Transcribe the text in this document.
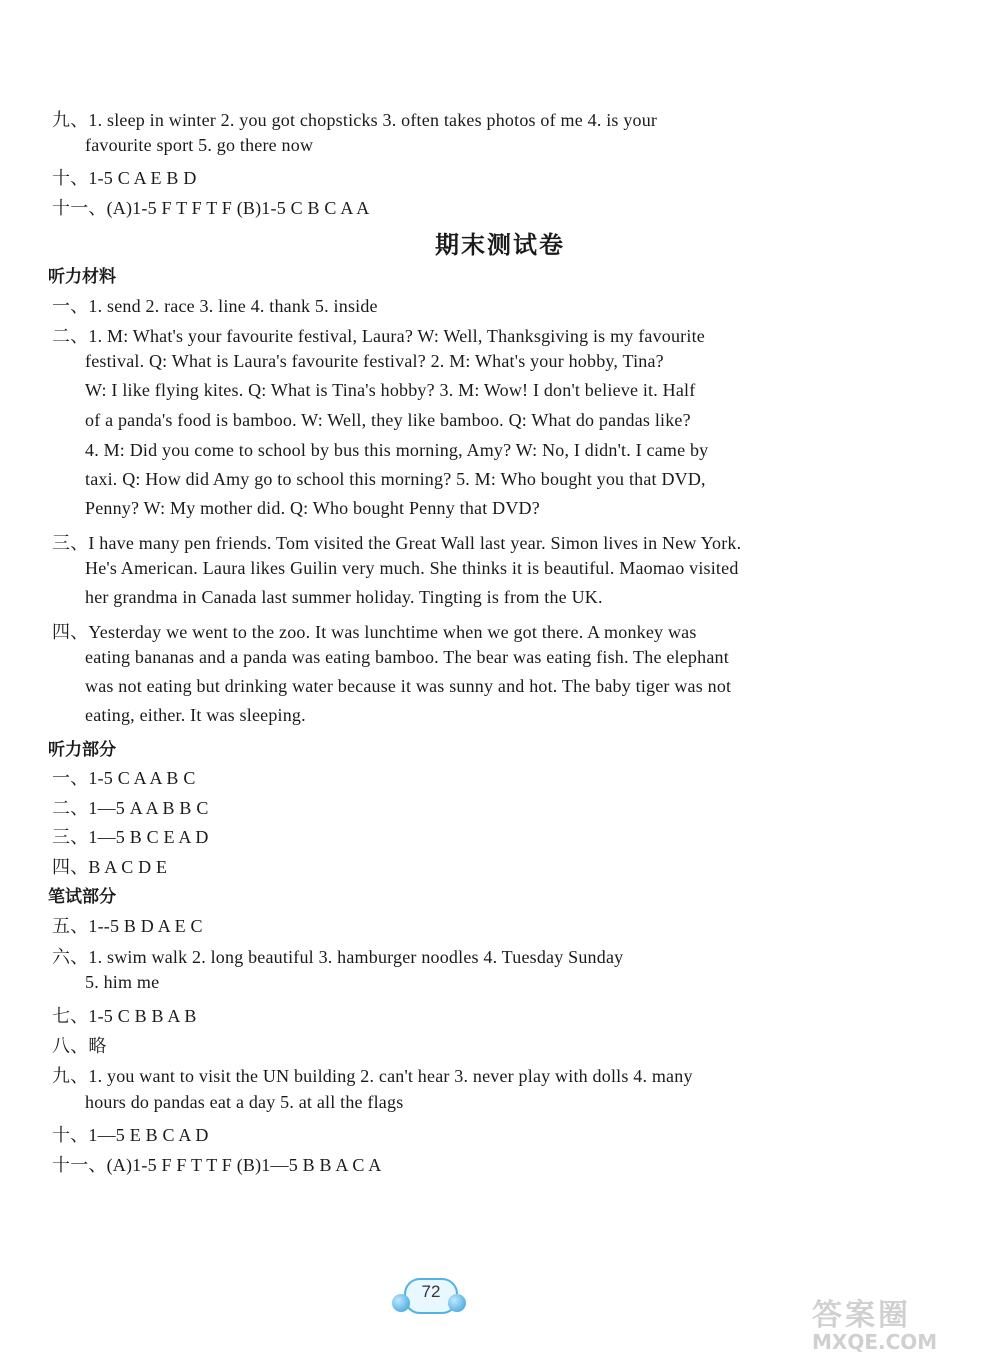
九、1. sleep in winter 2. you got chopsticks 3. often takes photos of me 4. is your
favourite sport 5. go there now
十、1-5 C A E B D
十一、(A)1-5 F T F T F (B)1-5 C B C A A
期末测试卷
听力材料
一、1. send 2. race 3. line 4. thank 5. inside
二、1. M: What's your favourite festival, Laura? W: Well, Thanksgiving is my favourite
festival. Q: What is Laura's favourite festival? 2. M: What's your hobby, Tina?
W: I like flying kites. Q: What is Tina's hobby? 3. M: Wow! I don't believe it. Half
of a panda's food is bamboo. W: Well, they like bamboo. Q: What do pandas like?
4. M: Did you come to school by bus this morning, Amy? W: No, I didn't. I came by
taxi. Q: How did Amy go to school this morning? 5. M: Who bought you that DVD,
Penny? W: My mother did. Q: Who bought Penny that DVD?
三、I have many pen friends. Tom visited the Great Wall last year. Simon lives in New York.
He's American. Laura likes Guilin very much. She thinks it is beautiful. Maomao visited
her grandma in Canada last summer holiday. Tingting is from the UK.
四、Yesterday we went to the zoo. It was lunchtime when we got there. A monkey was
eating bananas and a panda was eating bamboo. The bear was eating fish. The elephant
was not eating but drinking water because it was sunny and hot. The baby tiger was not
eating, either. It was sleeping.
听力部分
一、1-5 C A A B C
二、1—5 A A B B C
三、1—5 B C E A D
四、B A C D E
笔试部分
五、1--5 B D A E C
六、1. swim walk 2. long beautiful 3. hamburger noodles 4. Tuesday Sunday
5. him me
七、1-5 C B B A B
八、略
九、1. you want to visit the UN building 2. can't hear 3. never play with dolls 4. many
hours do pandas eat a day 5. at all the flags
十、1—5 E B C A D
十一、(A)1-5 F F T T F (B)1—5 B B A C A
72
答案圈
MXQE.COM
